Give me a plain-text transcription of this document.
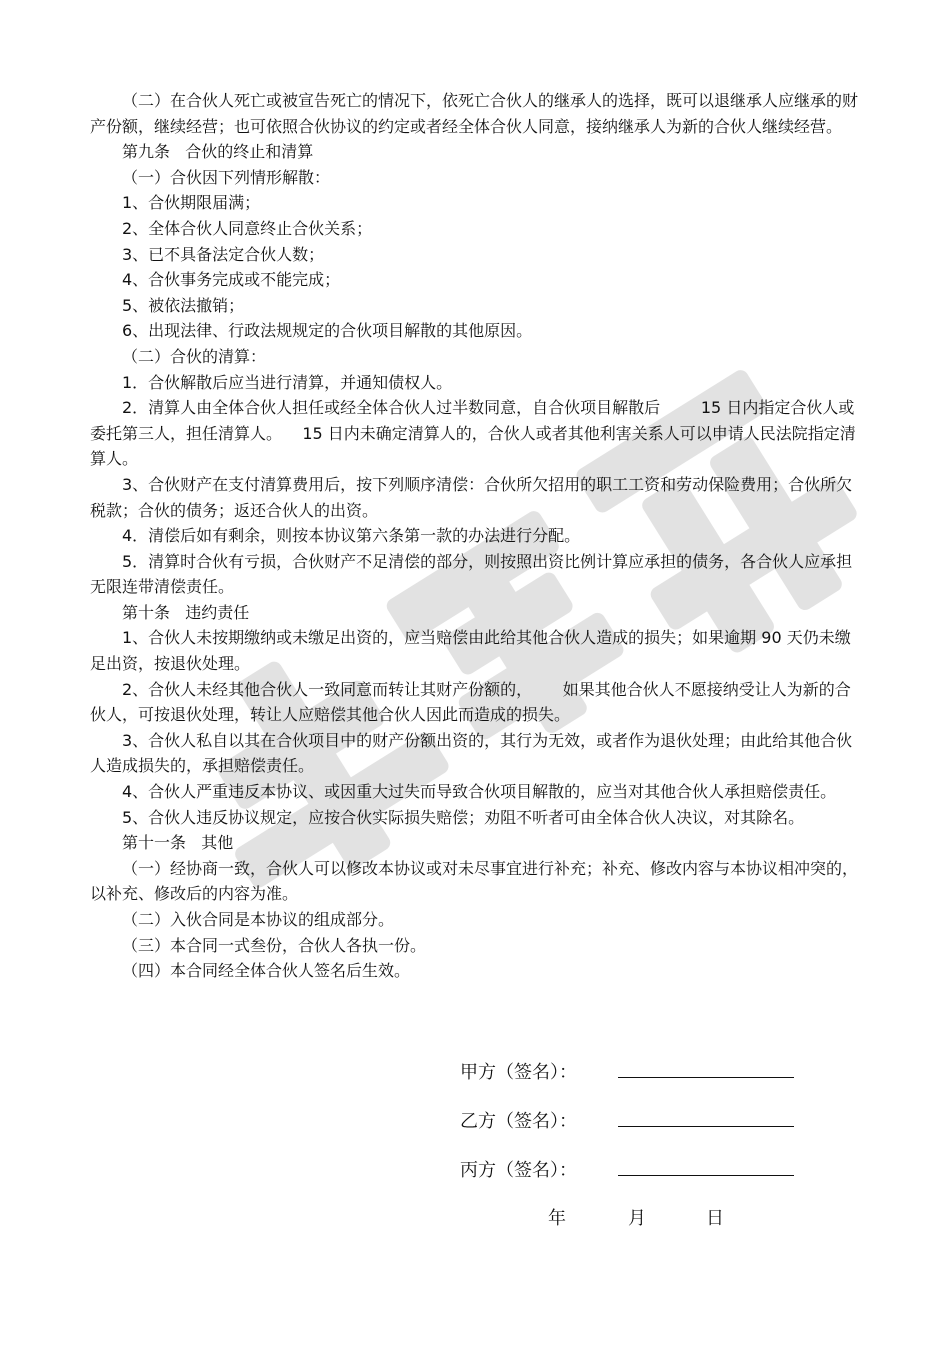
（二）在合伙人死亡或被宣告死亡的情况下，依死亡合伙人的继承人的选择，既可以退继承人应继承的财产份额，继续经营；也可依照合伙协议的约定或者经全体合伙人同意，接纳继承人为新的合伙人继续经营。

第九条   合伙的终止和清算

（一）合伙因下列情形解散：

1、合伙期限届满；

2、全体合伙人同意终止合伙关系；

3、已不具备法定合伙人数；

4、合伙事务完成或不能完成；

5、被依法撤销；

6、出现法律、行政法规规定的合伙项目解散的其他原因。

（二）合伙的清算：

1．合伙解散后应当进行清算，并通知债权人。

2．清算人由全体合伙人担任或经全体合伙人过半数同意，自合伙项目解散后        15 日内指定合伙人或委托第三人，担任清算人。    15 日内未确定清算人的，合伙人或者其他利害关系人可以申请人民法院指定清算人。

3、合伙财产在支付清算费用后，按下列顺序清偿：合伙所欠招用的职工工资和劳动保险费用；合伙所欠税款；合伙的债务；返还合伙人的出资。

4．清偿后如有剩余，则按本协议第六条第一款的办法进行分配。

5．清算时合伙有亏损，合伙财产不足清偿的部分，则按照出资比例计算应承担的债务，各合伙人应承担无限连带清偿责任。

第十条   违约责任

1、合伙人未按期缴纳或未缴足出资的，应当赔偿由此给其他合伙人造成的损失；如果逾期 90 天仍未缴足出资，按退伙处理。

2、合伙人未经其他合伙人一致同意而转让其财产份额的，      如果其他合伙人不愿接纳受让人为新的合伙人，可按退伙处理，转让人应赔偿其他合伙人因此而造成的损失。

3、合伙人私自以其在合伙项目中的财产份额出资的，其行为无效，或者作为退伙处理；由此给其他合伙人造成损失的，承担赔偿责任。

4、合伙人严重违反本协议、或因重大过失而导致合伙项目解散的，应当对其他合伙人承担赔偿责任。

5、合伙人违反协议规定，应按合伙实际损失赔偿；劝阻不听者可由全体合伙人决议，对其除名。

第十一条   其他

（一）经协商一致，合伙人可以修改本协议或对未尽事宜进行补充；补充、修改内容与本协议相冲突的，以补充、修改后的内容为准。

（二）入伙合同是本协议的组成部分。

（三）本合同一式叁份，合伙人各执一份。

（四）本合同经全体合伙人签名后生效。

甲方（签名）：
乙方（签名）：
丙方（签名）：
年	月	日
